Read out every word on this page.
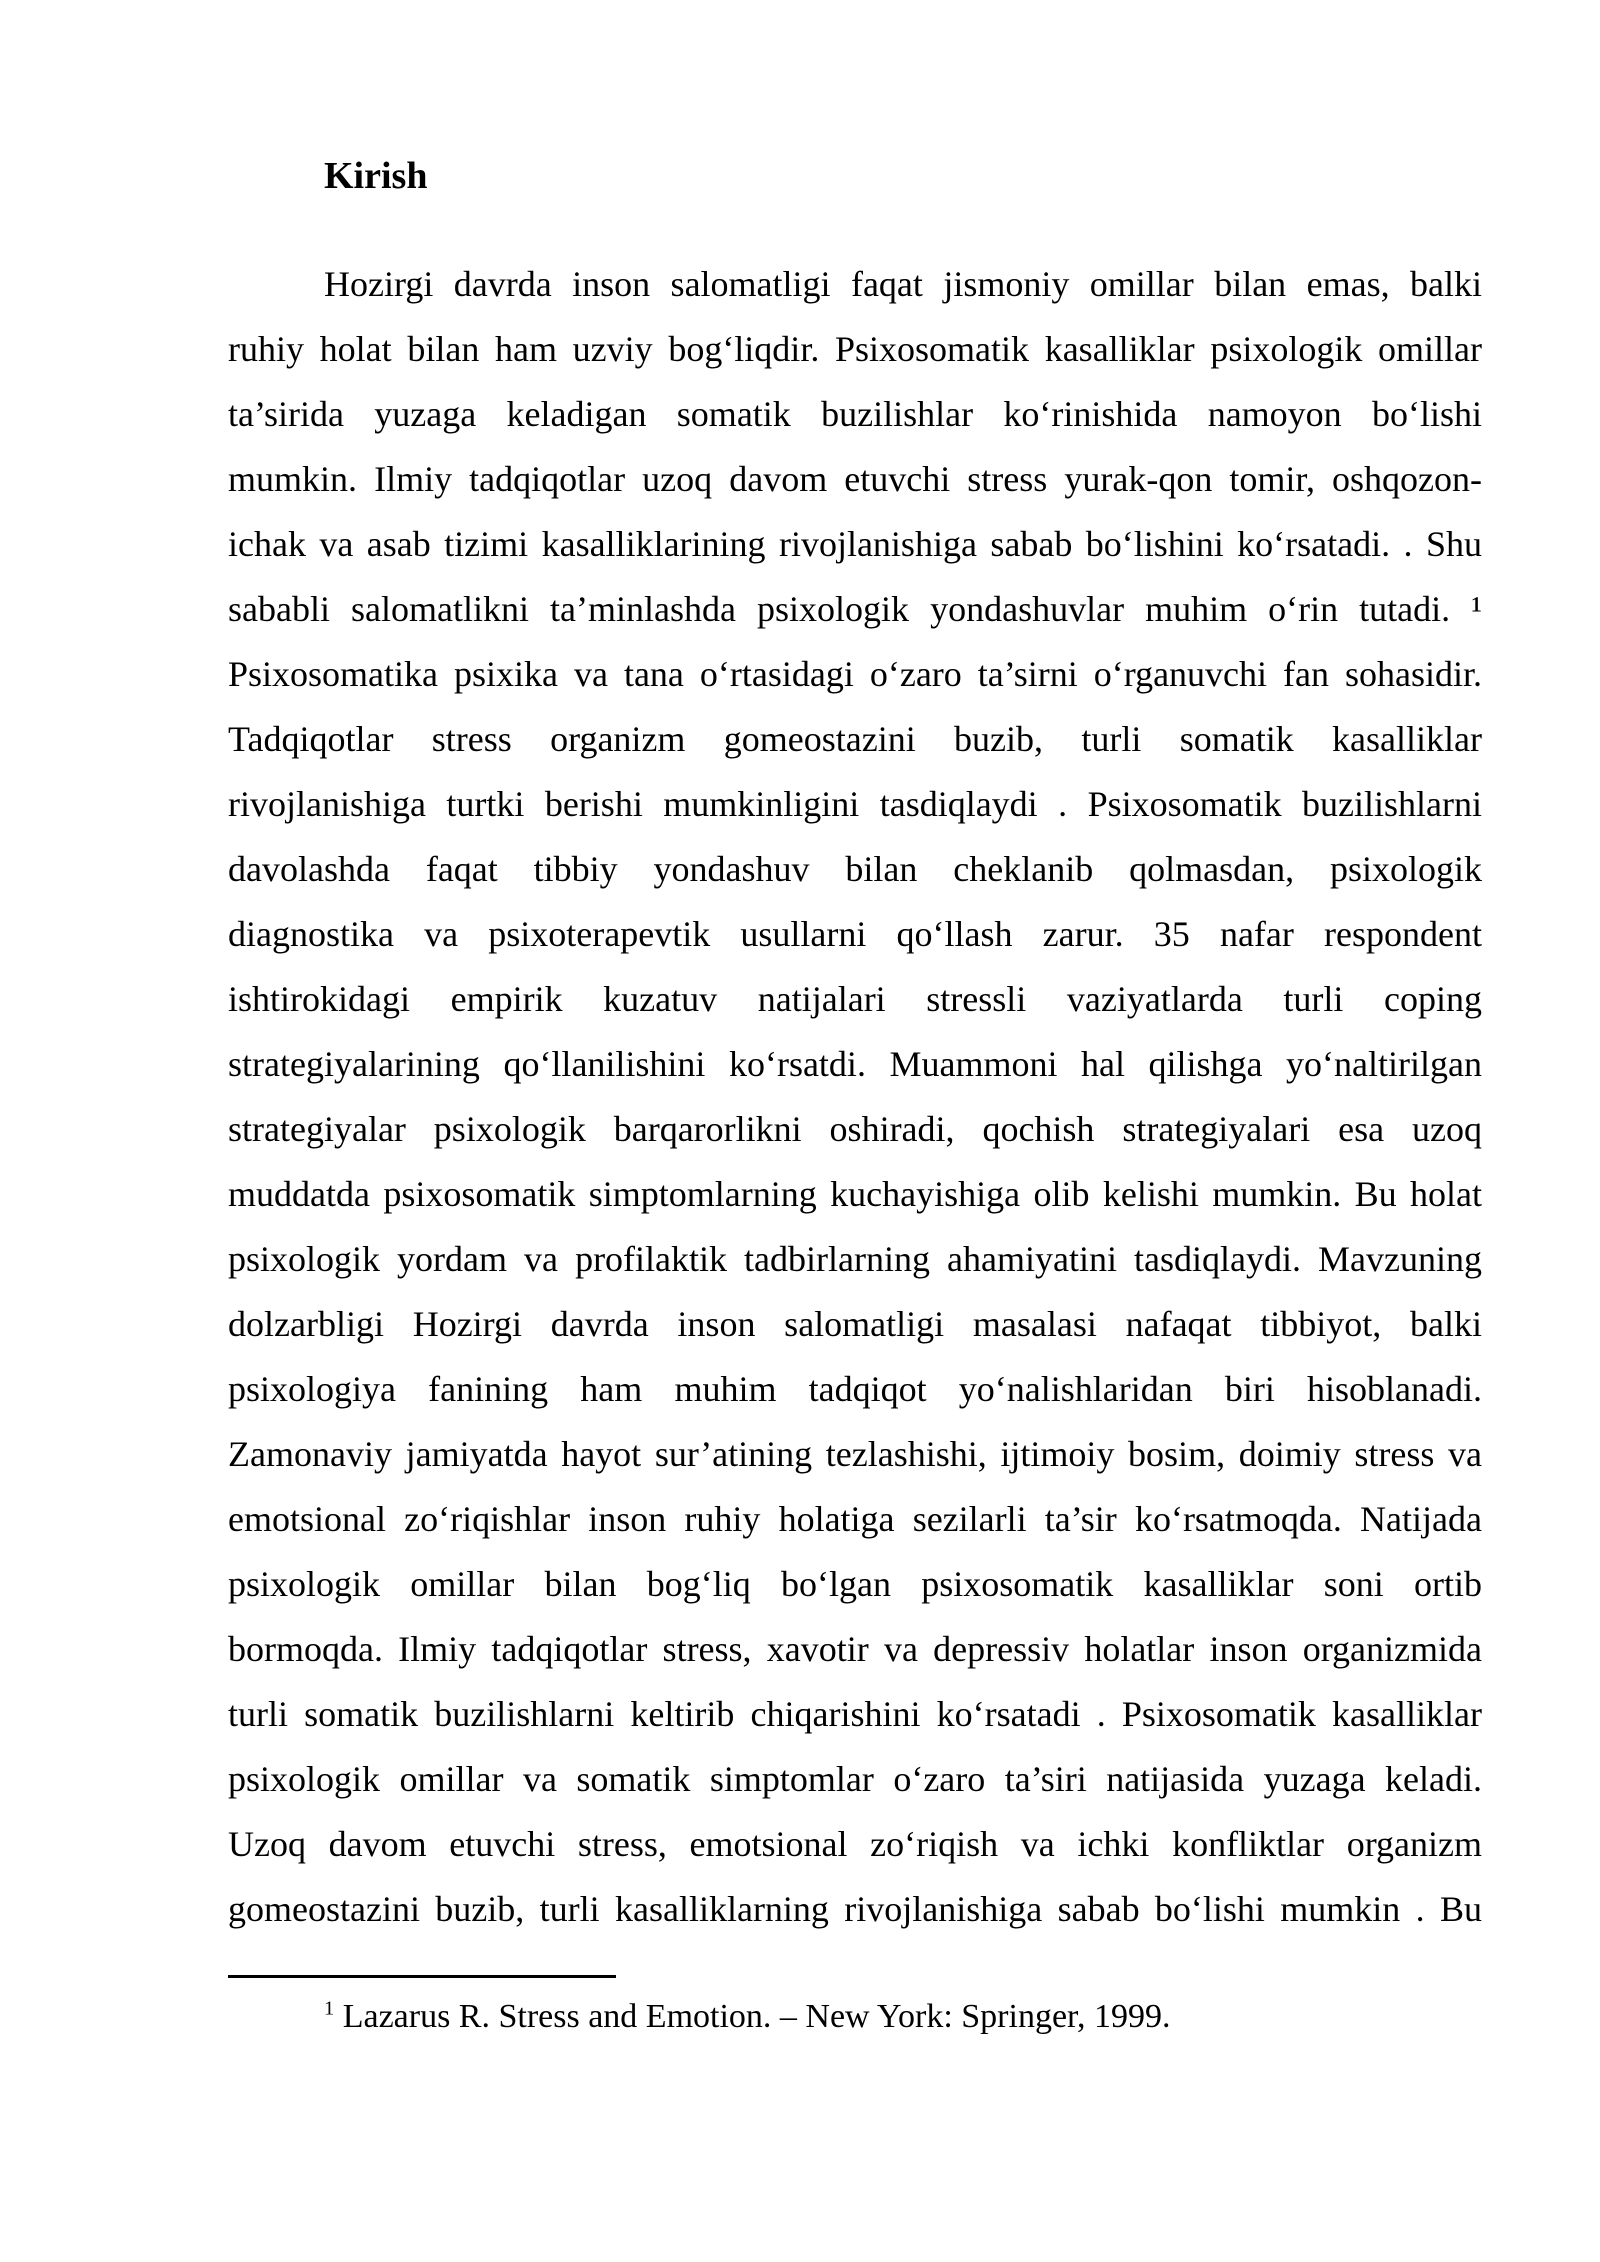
Kirish
Hozirgi davrda inson salomatligi faqat jismoniy omillar bilan emas, balki
ruhiy holat bilan ham uzviy bog‘liqdir. Psixosomatik kasalliklar psixologik omillar
ta’sirida yuzaga keladigan somatik buzilishlar ko‘rinishida namoyon bo‘lishi
mumkin. Ilmiy tadqiqotlar uzoq davom etuvchi stress yurak-qon tomir, oshqozon-
ichak va asab tizimi kasalliklarining rivojlanishiga sabab bo‘lishini ko‘rsatadi. . Shu
sababli salomatlikni ta’minlashda psixologik yondashuvlar muhim o‘rin tutadi. ¹
Psixosomatika psixika va tana o‘rtasidagi o‘zaro ta’sirni o‘rganuvchi fan sohasidir.
Tadqiqotlar stress organizm gomeostazini buzib, turli somatik kasalliklar
rivojlanishiga turtki berishi mumkinligini tasdiqlaydi . Psixosomatik buzilishlarni
davolashda faqat tibbiy yondashuv bilan cheklanib qolmasdan, psixologik
diagnostika va psixoterapevtik usullarni qo‘llash zarur. 35 nafar respondent
ishtirokidagi empirik kuzatuv natijalari stressli vaziyatlarda turli coping
strategiyalarining qo‘llanilishini ko‘rsatdi. Muammoni hal qilishga yo‘naltirilgan
strategiyalar psixologik barqarorlikni oshiradi, qochish strategiyalari esa uzoq
muddatda psixosomatik simptomlarning kuchayishiga olib kelishi mumkin. Bu holat
psixologik yordam va profilaktik tadbirlarning ahamiyatini tasdiqlaydi. Mavzuning
dolzarbligi Hozirgi davrda inson salomatligi masalasi nafaqat tibbiyot, balki
psixologiya fanining ham muhim tadqiqot yo‘nalishlaridan biri hisoblanadi.
Zamonaviy jamiyatda hayot sur’atining tezlashishi, ijtimoiy bosim, doimiy stress va
emotsional zo‘riqishlar inson ruhiy holatiga sezilarli ta’sir ko‘rsatmoqda. Natijada
psixologik omillar bilan bog‘liq bo‘lgan psixosomatik kasalliklar soni ortib
bormoqda. Ilmiy tadqiqotlar stress, xavotir va depressiv holatlar inson organizmida
turli somatik buzilishlarni keltirib chiqarishini ko‘rsatadi . Psixosomatik kasalliklar
psixologik omillar va somatik simptomlar o‘zaro ta’siri natijasida yuzaga keladi.
Uzoq davom etuvchi stress, emotsional zo‘riqish va ichki konfliktlar organizm
gomeostazini buzib, turli kasalliklarning rivojlanishiga sabab bo‘lishi mumkin . Bu

$^1$ Lazarus R. Stress and Emotion. – New York: Springer, 1999.
